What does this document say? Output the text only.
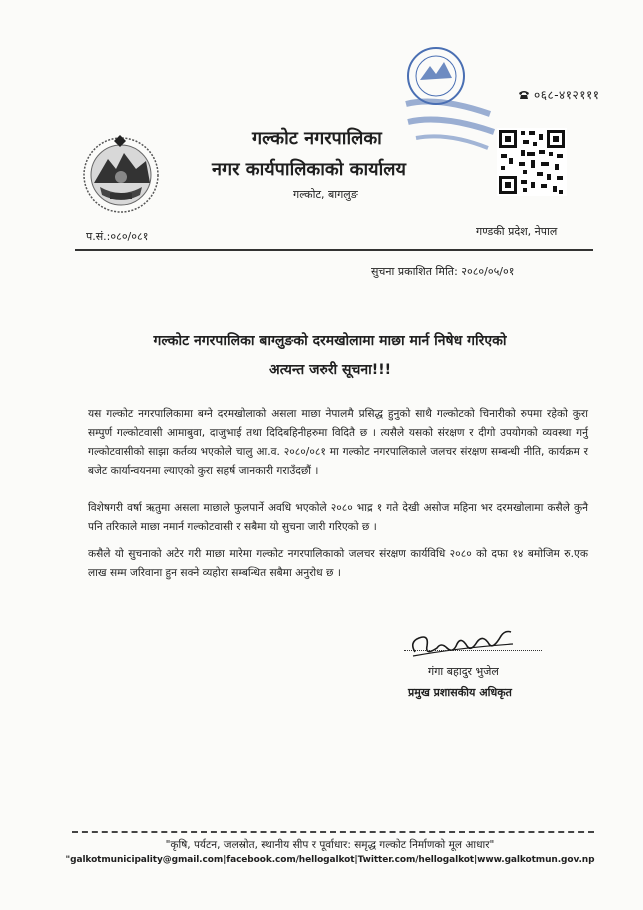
०६८-४१२१११
गल्कोट नगरपालिका
नगर कार्यपालिकाको कार्यालय
गल्कोट, बागलुङ
प.सं.:०८०/०८१	गण्डकी प्रदेश, नेपाल
सुचना प्रकाशित मिति: २०८०/०५/०१
गल्कोट नगरपालिका बाग्लुङको दरमखोलामा माछा मार्न निषेध गरिएको
अत्यन्त जरुरी सूचना!!!

यस गल्कोट नगरपालिकामा बग्ने दरमखोलाको असला माछा नेपालमै प्रसिद्ध हुनुको साथै गल्कोटको चिनारीको रुपमा रहेको कुरा सम्पुर्ण गल्कोटवासी आमाबुवा, दाजुभाई तथा दिदिबहिनीहरुमा विदितै छ । त्यसैले यसको संरक्षण र दीगो उपयोगको व्यवस्था गर्नु गल्कोटवासीको साझा कर्तव्य भएकोले चालु आ.व. २०८०/०८१ मा गल्कोट नगरपालिकाले जलचर संरक्षण सम्बन्धी नीति, कार्यक्रम र बजेट कार्यान्वयनमा ल्याएको कुरा सहर्ष जानकारी गराउँदछौं ।

विशेषगरी वर्षा ऋतुमा असला माछाले फुलपार्ने अवधि भएकोले २०८० भाद्र १ गते देखी असोज महिना भर दरमखोलामा कसैले कुनै पनि तरिकाले माछा नमार्न गल्कोटवासी र सबैमा यो सुचना जारी गरिएको छ ।

कसैले यो सुचनाको अटेर गरी माछा मारेमा गल्कोट नगरपालिकाको जलचर संरक्षण कार्यविधि २०८० को दफा १४ बमोजिम रु.एक लाख सम्म जरिवाना हुन सक्ने व्यहोरा सम्बन्धित सबैमा अनुरोध छ ।

गंगा बहादुर भुजेल
प्रमुख प्रशासकीय अधिकृत
"कृषि, पर्यटन, जलस्रोत, स्थानीय सीप र पूर्वाधार: समृद्ध गल्कोट निर्माणको मूल आधार"
"galkotmunicipality@gmail.com|facebook.com/hellogalkot|Twitter.com/hellogalkot|www.galkotmun.gov.np
